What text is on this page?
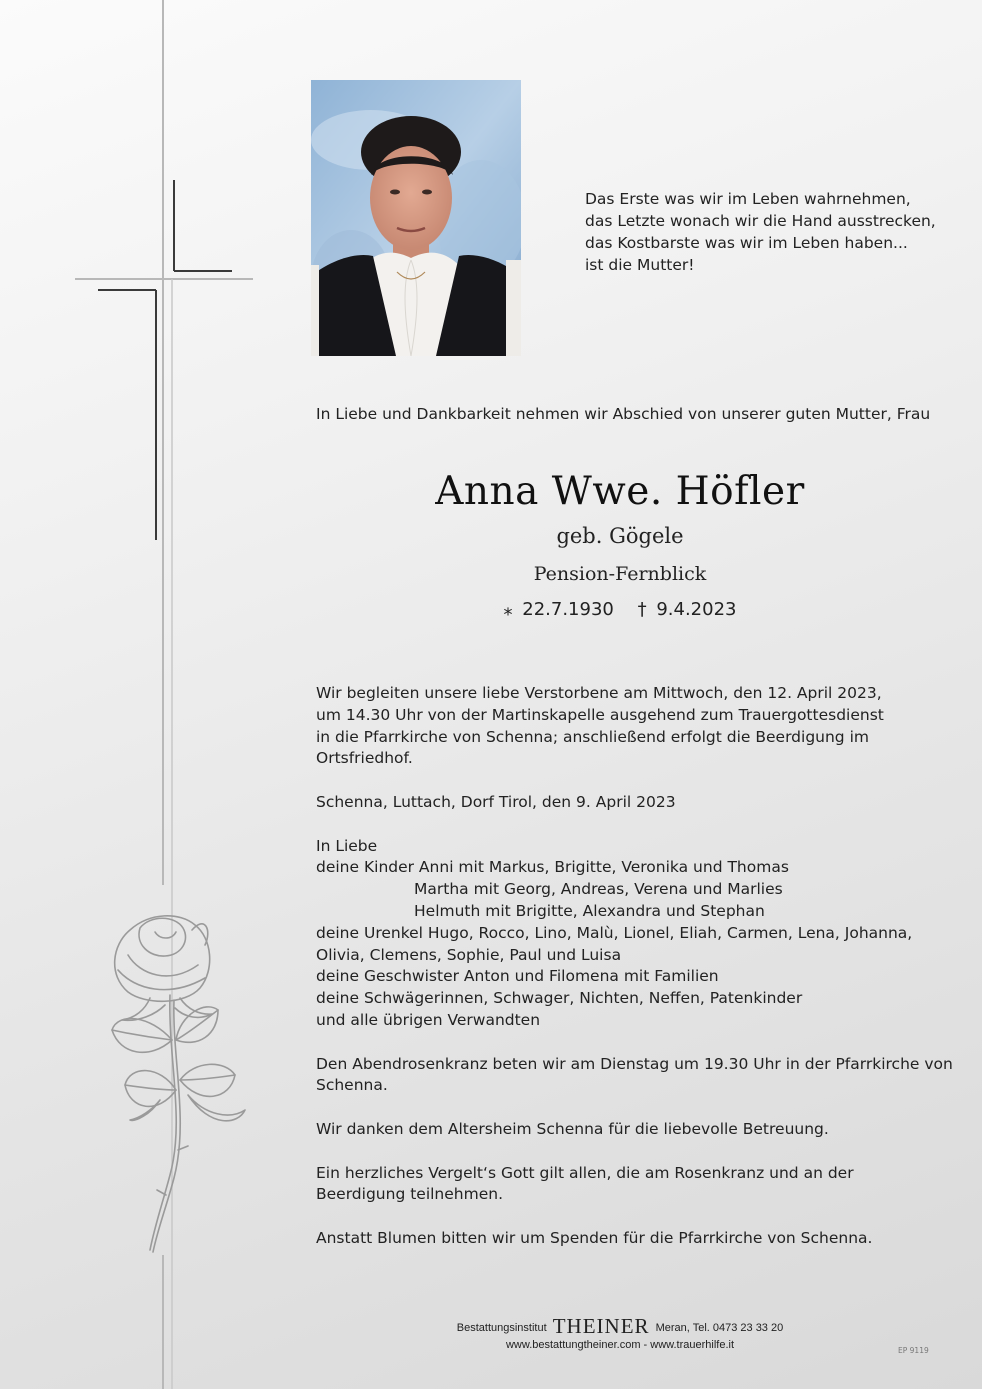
Das Erste was wir im Leben wahrnehmen,
das Letzte wonach wir die Hand ausstrecken,
das Kostbarste was wir im Leben haben...
ist die Mutter!
In Liebe und Dankbarkeit nehmen wir Abschied von unserer guten Mutter, Frau
Anna Wwe. Höfler
geb. Gögele
Pension-Fernblick
⁎ 22.7.1930 † 9.4.2023
Wir begleiten unsere liebe Verstorbene am Mittwoch, den 12. April 2023,
um 14.30 Uhr von der Martinskapelle ausgehend zum Trauergottesdienst
in die Pfarrkirche von Schenna; anschließend erfolgt die Beerdigung im
Ortsfriedhof.
Schenna, Luttach, Dorf Tirol, den 9. April 2023
In Liebe
deine Kinder Anni mit Markus, Brigitte, Veronika und Thomas
Martha mit Georg, Andreas, Verena und Marlies
Helmuth mit Brigitte, Alexandra und Stephan
deine Urenkel Hugo, Rocco, Lino, Malù, Lionel, Eliah, Carmen, Lena, Johanna,
Olivia, Clemens, Sophie, Paul und Luisa
deine Geschwister Anton und Filomena mit Familien
deine Schwägerinnen, Schwager, Nichten, Neffen, Patenkinder
und alle übrigen Verwandten
Den Abendrosenkranz beten wir am Dienstag um 19.30 Uhr in der Pfarrkirche von
Schenna.
Wir danken dem Altersheim Schenna für die liebevolle Betreuung.
Ein herzliches Vergelt‘s Gott gilt allen, die am Rosenkranz und an der
Beerdigung teilnehmen.
Anstatt Blumen bitten wir um Spenden für die Pfarrkirche von Schenna.
Bestattungsinstitut THEINER Meran, Tel. 0473 23 33 20
www.bestattungtheiner.com - www.trauerhilfe.it	EP 9119
